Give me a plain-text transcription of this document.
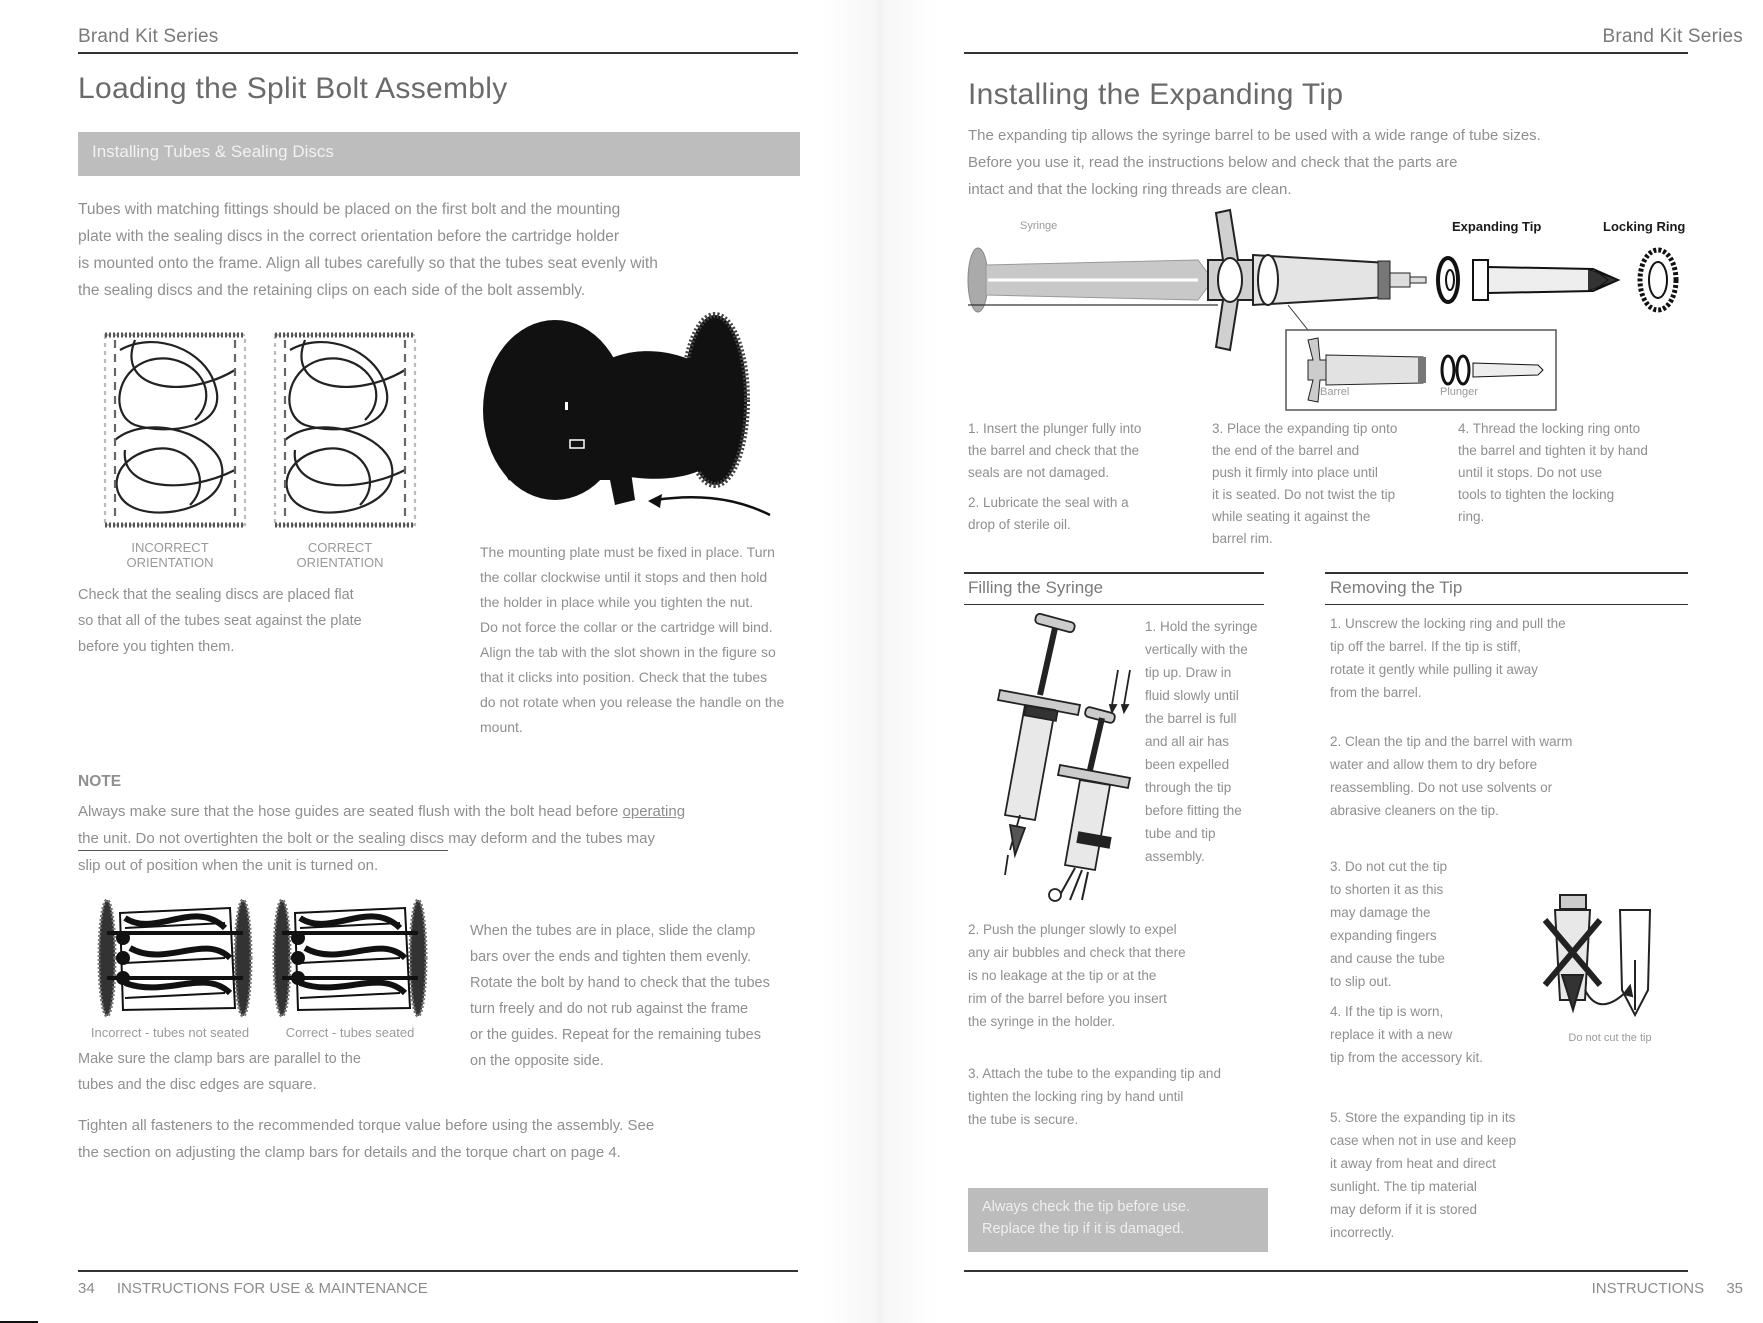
Brand Kit Series
Loading the Split Bolt Assembly
Installing Tubes & Sealing Discs
Tubes with matching fittings should be placed on the first bolt and the mounting
plate with the sealing discs in the correct orientation before the cartridge holder
is mounted onto the frame. Align all tubes carefully so that the tubes seat evenly with
the sealing discs and the retaining clips on each side of the bolt assembly.
INCORRECT ORIENTATION
CORRECT ORIENTATION
Check that the sealing discs are placed flat
so that all of the tubes seat against the plate
before you tighten them.
The mounting plate must be fixed in place. Turn
the collar clockwise until it stops and then hold
the holder in place while you tighten the nut.
Do not force the collar or the cartridge will bind.
Align the tab with the slot shown in the figure so
that it clicks into position. Check that the tubes
do not rotate when you release the handle on the
mount.
NOTE
Always make sure that the hose guides are seated flush with the bolt head before operating
the unit. Do not overtighten the bolt or the sealing discs may deform and the tubes may
slip out of position when the unit is turned on.
Incorrect - tubes not seated	Correct - tubes seated
Make sure the clamp bars are parallel to the
tubes and the disc edges are square.
When the tubes are in place, slide the clamp
bars over the ends and tighten them evenly.
Rotate the bolt by hand to check that the tubes
turn freely and do not rub against the frame
or the guides. Repeat for the remaining tubes
on the opposite side.
Tighten all fasteners to the recommended torque value before using the assembly. See
the section on adjusting the clamp bars for details and the torque chart on page 4.
34 INSTRUCTIONS FOR USE & MAINTENANCE
Brand Kit Series
Installing the Expanding Tip
The expanding tip allows the syringe barrel to be used with a wide range of tube sizes.
Before you use it, read the instructions below and check that the parts are
intact and that the locking ring threads are clean.
Syringe	Expanding Tip	Locking Ring
Barrel	Plunger
1. Insert the plunger fully into
the barrel and check that the
seals are not damaged.
2. Lubricate the seal with a
drop of sterile oil.
3. Place the expanding tip onto
the end of the barrel and
push it firmly into place until
it is seated. Do not twist the tip
while seating it against the
barrel rim.
4. Thread the locking ring onto
the barrel and tighten it by hand
until it stops. Do not use
tools to tighten the locking
ring.
Filling the Syringe
1. Hold the syringe
vertically with the
tip up. Draw in
fluid slowly until
the barrel is full
and all air has
been expelled
through the tip
before fitting the
tube and tip
assembly.
2. Push the plunger slowly to expel
any air bubbles and check that there
is no leakage at the tip or at the
rim of the barrel before you insert
the syringe in the holder.
3. Attach the tube to the expanding tip and
tighten the locking ring by hand until
the tube is secure.
Always check the tip before use.
Replace the tip if it is damaged.
Removing the Tip
1. Unscrew the locking ring and pull the
tip off the barrel. If the tip is stiff,
rotate it gently while pulling it away
from the barrel.
2. Clean the tip and the barrel with warm
water and allow them to dry before
reassembling. Do not use solvents or
abrasive cleaners on the tip.
3. Do not cut the tip
to shorten it as this
may damage the
expanding fingers
and cause the tube
to slip out.
Do not cut the tip
4. If the tip is worn,
replace it with a new
tip from the accessory kit.
5. Store the expanding tip in its
case when not in use and keep
it away from heat and direct
sunlight. The tip material
may deform if it is stored
incorrectly.
INSTRUCTIONS 35
